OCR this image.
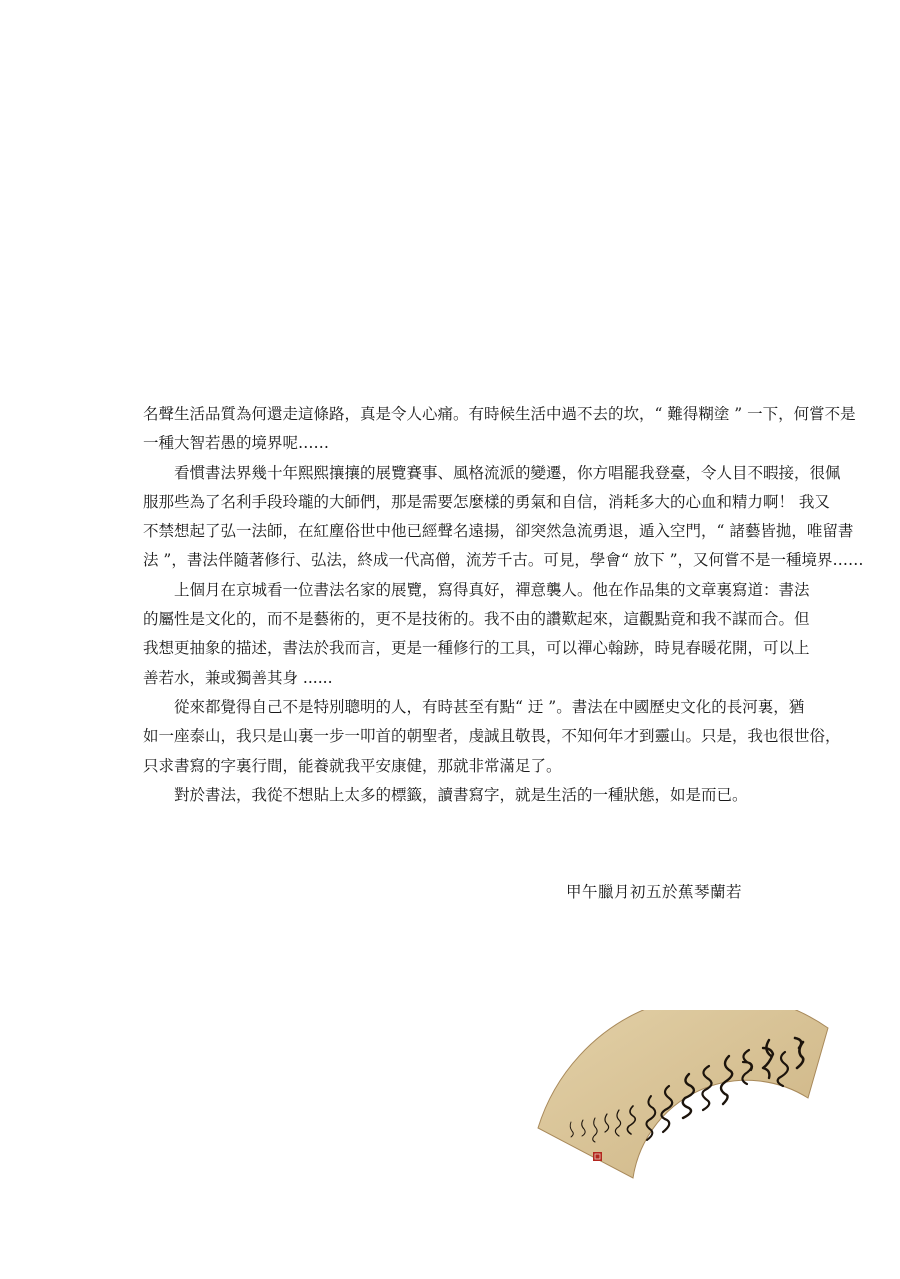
名聲生活品質為何還走這條路，真是令人心痛。有時候生活中過不去的坎，“ 難得糊塗 ” 一下，何嘗不是
一種大智若愚的境界呢……
看慣書法界幾十年熙熙攘攘的展覽賽事、風格流派的變遷，你方唱罷我登臺，令人目不暇接，很佩
服那些為了名利手段玲瓏的大師們，那是需要怎麼樣的勇氣和自信，消耗多大的心血和精力啊！ 我又
不禁想起了弘一法師，在紅塵俗世中他已經聲名遠揚，卻突然急流勇退，遁入空門，“ 諸藝皆拋，唯留書
法 ”，書法伴隨著修行、弘法，終成一代高僧，流芳千古。可見，學會“ 放下 ”，又何嘗不是一種境界……
上個月在京城看一位書法名家的展覽，寫得真好，禪意襲人。他在作品集的文章裏寫道：書法
的屬性是文化的，而不是藝術的，更不是技術的。我不由的讚歎起來，這觀點竟和我不謀而合。但
我想更抽象的描述，書法於我而言，更是一種修行的工具，可以禪心翰跡，時見春暖花開，可以上
善若水，兼或獨善其身 ......
從來都覺得自己不是特別聰明的人，有時甚至有點“ 迂 ”。書法在中國歷史文化的長河裏，猶
如一座泰山，我只是山裏一步一叩首的朝聖者，虔誠且敬畏，不知何年才到靈山。只是，我也很世俗，
只求書寫的字裏行間，能養就我平安康健，那就非常滿足了。
對於書法，我從不想貼上太多的標籤，讀書寫字，就是生活的一種狀態，如是而已。
甲午臘月初五於蕉琴蘭若
